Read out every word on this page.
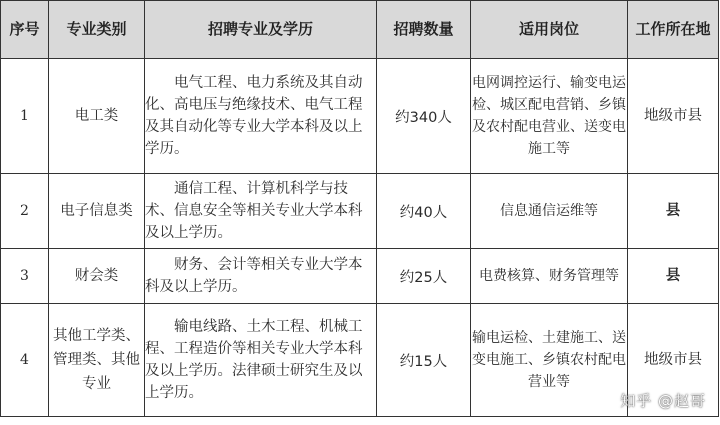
序号	专业类别	招聘专业及学历	招聘数量	适用岗位	工作所在地
1	电工类	电气工程、电力系统及其自动化、高电压与绝缘技术、电气工程及其自动化等专业大学本科及以上学历。	约340人	电网调控运行、输变电运检、城区配电营销、乡镇及农村配电营业、送变电施工等	地级市县
2	电子信息类	通信工程、计算机科学与技术、信息安全等相关专业大学本科及以上学历。	约40人	信息通信运维等	县
3	财会类	财务、会计等相关专业大学本科及以上学历。	约25人	电费核算、财务管理等	县
4	其他工学类、管理类、其他专业	输电线路、土木工程、机械工程、工程造价等相关专业大学本科及以上学历。法律硕士研究生及以上学历。	约15人	输电运检、土建施工、送变电施工、乡镇农村配电营业等	地级市县
知乎 @赵哥
